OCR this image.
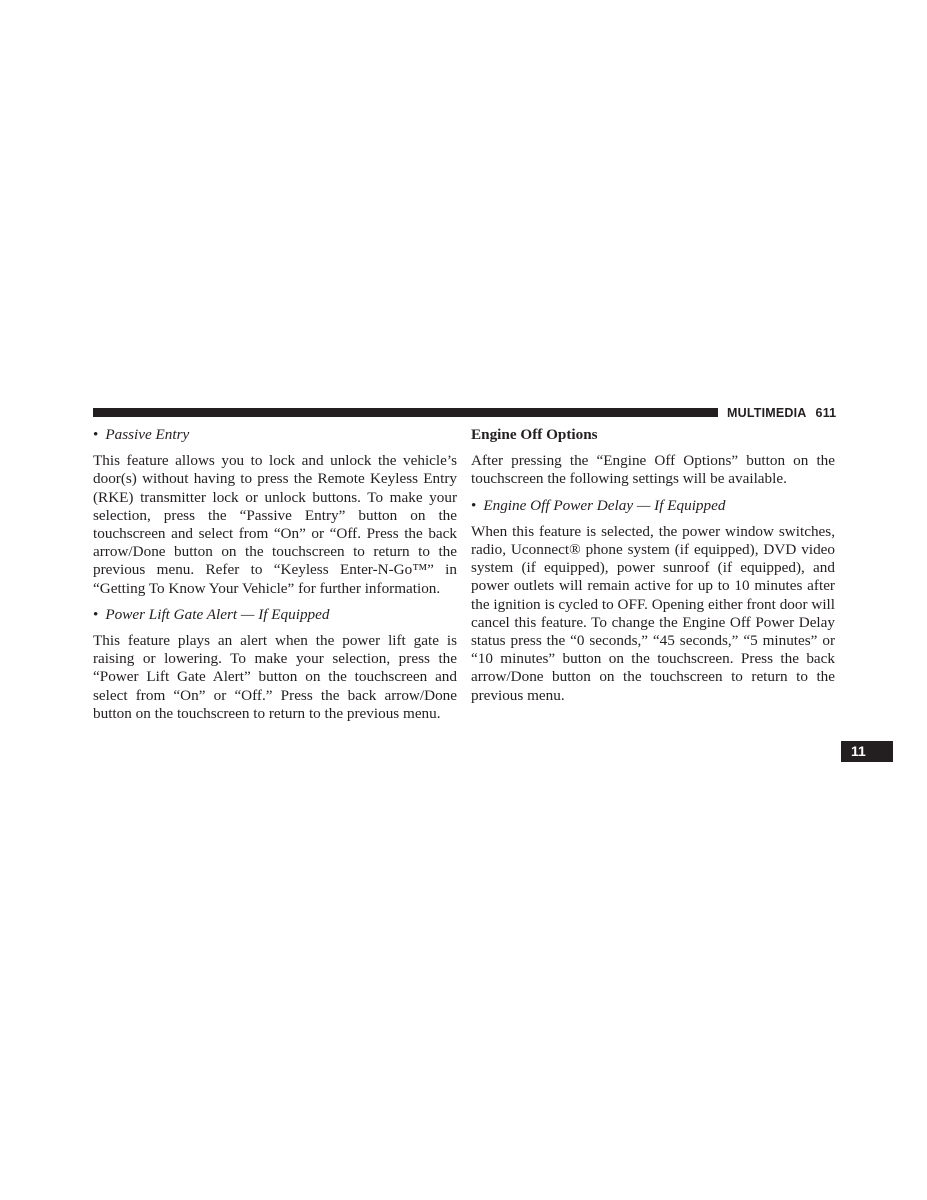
MULTIMEDIA 611
• Passive Entry

This feature allows you to lock and unlock the vehicle’s door(s) without having to press the Remote Keyless Entry (RKE) transmitter lock or unlock buttons. To make your selection, press the “Passive Entry” button on the touchscreen and select from “On” or “Off. Press the back arrow/Done button on the touchscreen to return to the previous menu. Refer to “Keyless Enter-N-Go™” in “Getting To Know Your Vehicle” for further information.

• Power Lift Gate Alert — If Equipped

This feature plays an alert when the power lift gate is raising or lowering. To make your selection, press the “Power Lift Gate Alert” button on the touchscreen and select from “On” or “Off.” Press the back arrow/Done button on the touchscreen to return to the previous menu.

Engine Off Options

After pressing the “Engine Off Options” button on the touchscreen the following settings will be available.

• Engine Off Power Delay — If Equipped

When this feature is selected, the power window switches, radio, Uconnect® phone system (if equipped), DVD video system (if equipped), power sunroof (if equipped), and power outlets will remain active for up to 10 minutes after the ignition is cycled to OFF. Opening either front door will cancel this feature. To change the Engine Off Power Delay status press the “0 seconds,” “45 seconds,” “5 minutes” or “10 minutes” button on the touchscreen. Press the back arrow/Done button on the touchscreen to return to the previous menu.

11
